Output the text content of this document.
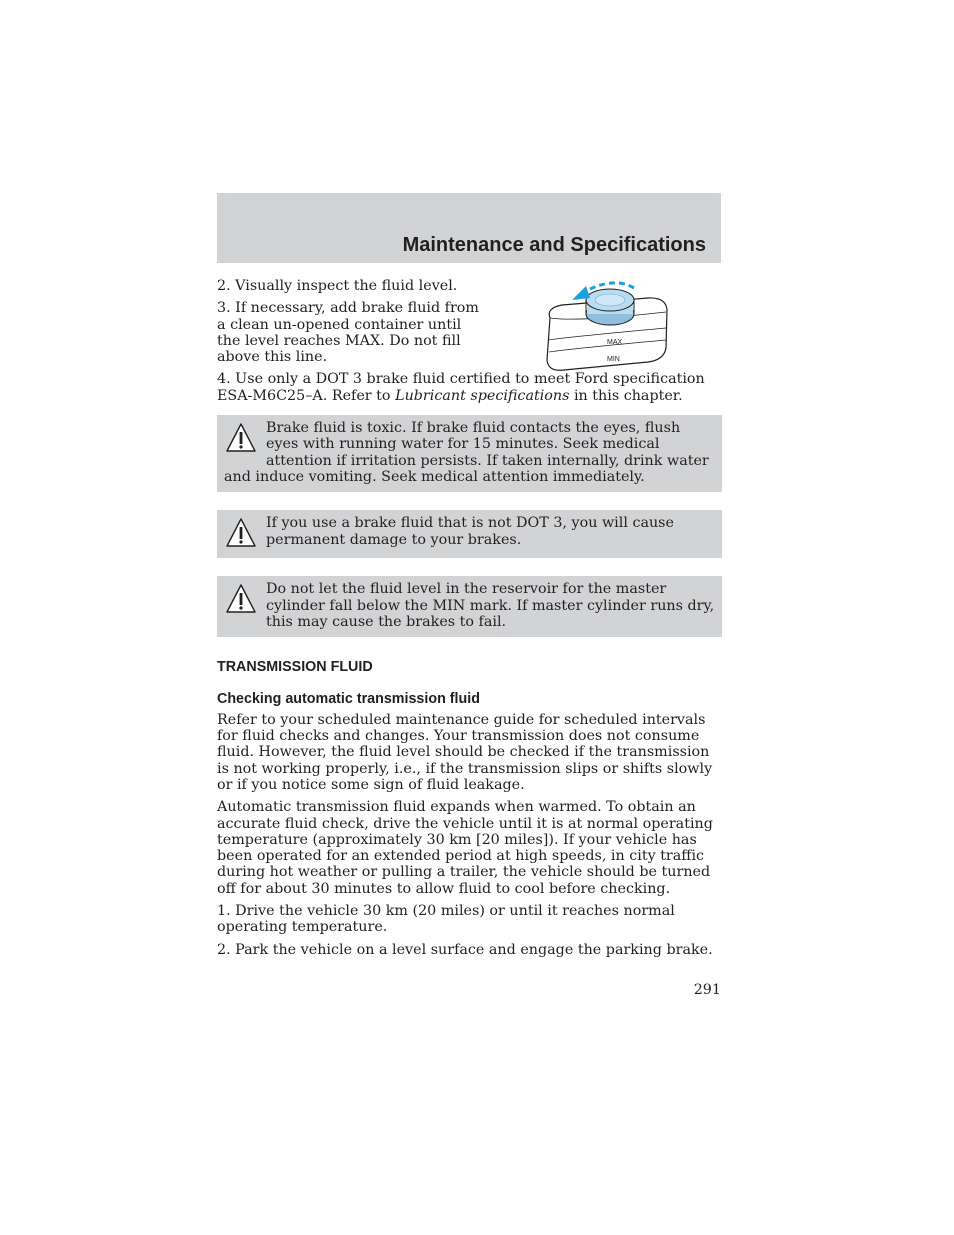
Maintenance and Specifications
MAX
MIN

2. Visually inspect the fluid level.

3. If necessary, add brake fluid from a clean un-opened container until the level reaches MAX. Do not fill above this line.

4. Use only a DOT 3 brake fluid certified to meet Ford specification ESA-M6C25–A. Refer to Lubricant specifications in this chapter.

Brake fluid is toxic. If brake fluid contacts the eyes, flush eyes with running water for 15 minutes. Seek medical attention if irritation persists. If taken internally, drink water and induce vomiting. Seek medical attention immediately.

If you use a brake fluid that is not DOT 3, you will cause permanent damage to your brakes.

Do not let the fluid level in the reservoir for the master cylinder fall below the MIN mark. If master cylinder runs dry, this may cause the brakes to fail.

TRANSMISSION FLUID
Checking automatic transmission fluid

Refer to your scheduled maintenance guide for scheduled intervals for fluid checks and changes. Your transmission does not consume fluid. However, the fluid level should be checked if the transmission is not working properly, i.e., if the transmission slips or shifts slowly or if you notice some sign of fluid leakage.

Automatic transmission fluid expands when warmed. To obtain an accurate fluid check, drive the vehicle until it is at normal operating temperature (approximately 30 km [20 miles]). If your vehicle has been operated for an extended period at high speeds, in city traffic during hot weather or pulling a trailer, the vehicle should be turned off for about 30 minutes to allow fluid to cool before checking.

1. Drive the vehicle 30 km (20 miles) or until it reaches normal operating temperature.

2. Park the vehicle on a level surface and engage the parking brake.

291
